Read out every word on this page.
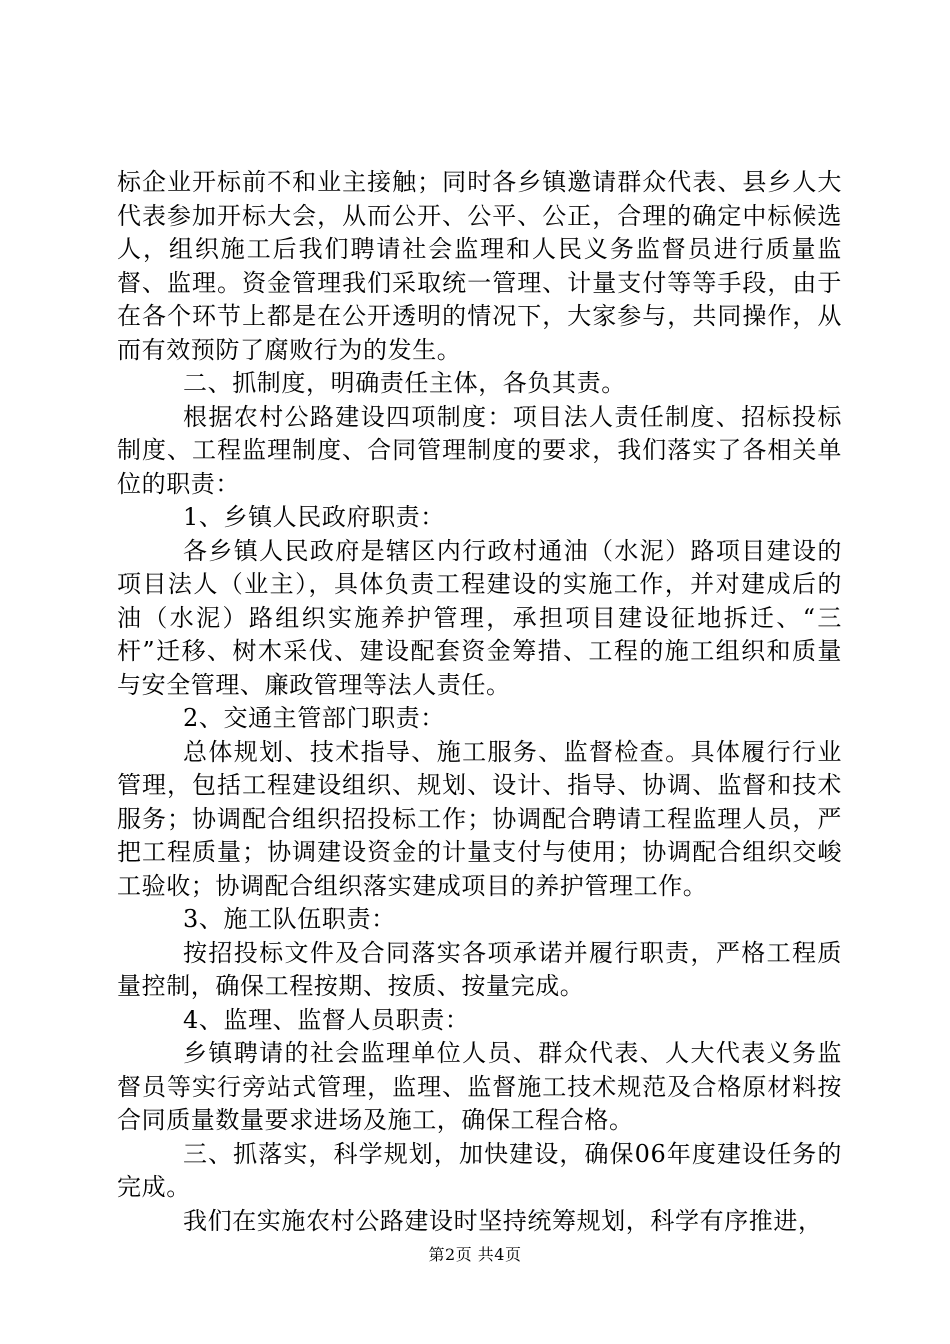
标企业开标前不和业主接触；同时各乡镇邀请群众代表、县乡人大代表参加开标大会，从而公开、公平、公正，合理的确定中标候选人，组织施工后我们聘请社会监理和人民义务监督员进行质量监督、监理。资金管理我们采取统一管理、计量支付等等手段，由于在各个环节上都是在公开透明的情况下，大家参与，共同操作，从而有效预防了腐败行为的发生。

二、抓制度，明确责任主体，各负其责。

根据农村公路建设四项制度：项目法人责任制度、招标投标制度、工程监理制度、合同管理制度的要求，我们落实了各相关单位的职责：

1、乡镇人民政府职责：

各乡镇人民政府是辖区内行政村通油（水泥）路项目建设的项目法人（业主），具体负责工程建设的实施工作，并对建成后的油（水泥）路组织实施养护管理，承担项目建设征地拆迁、“三杆”迁移、树木采伐、建设配套资金筹措、工程的施工组织和质量与安全管理、廉政管理等法人责任。

2、交通主管部门职责：

总体规划、技术指导、施工服务、监督检查。具体履行行业管理，包括工程建设组织、规划、设计、指导、协调、监督和技术服务；协调配合组织招投标工作；协调配合聘请工程监理人员，严把工程质量；协调建设资金的计量支付与使用；协调配合组织交峻工验收；协调配合组织落实建成项目的养护管理工作。

3、施工队伍职责：

按招投标文件及合同落实各项承诺并履行职责，严格工程质量控制，确保工程按期、按质、按量完成。

4、监理、监督人员职责：

乡镇聘请的社会监理单位人员、群众代表、人大代表义务监督员等实行旁站式管理，监理、监督施工技术规范及合格原材料按合同质量数量要求进场及施工，确保工程合格。

三、抓落实，科学规划，加快建设，确保06年度建设任务的完成。

我们在实施农村公路建设时坚持统筹规划，科学有序推进，

第2页 共4页
